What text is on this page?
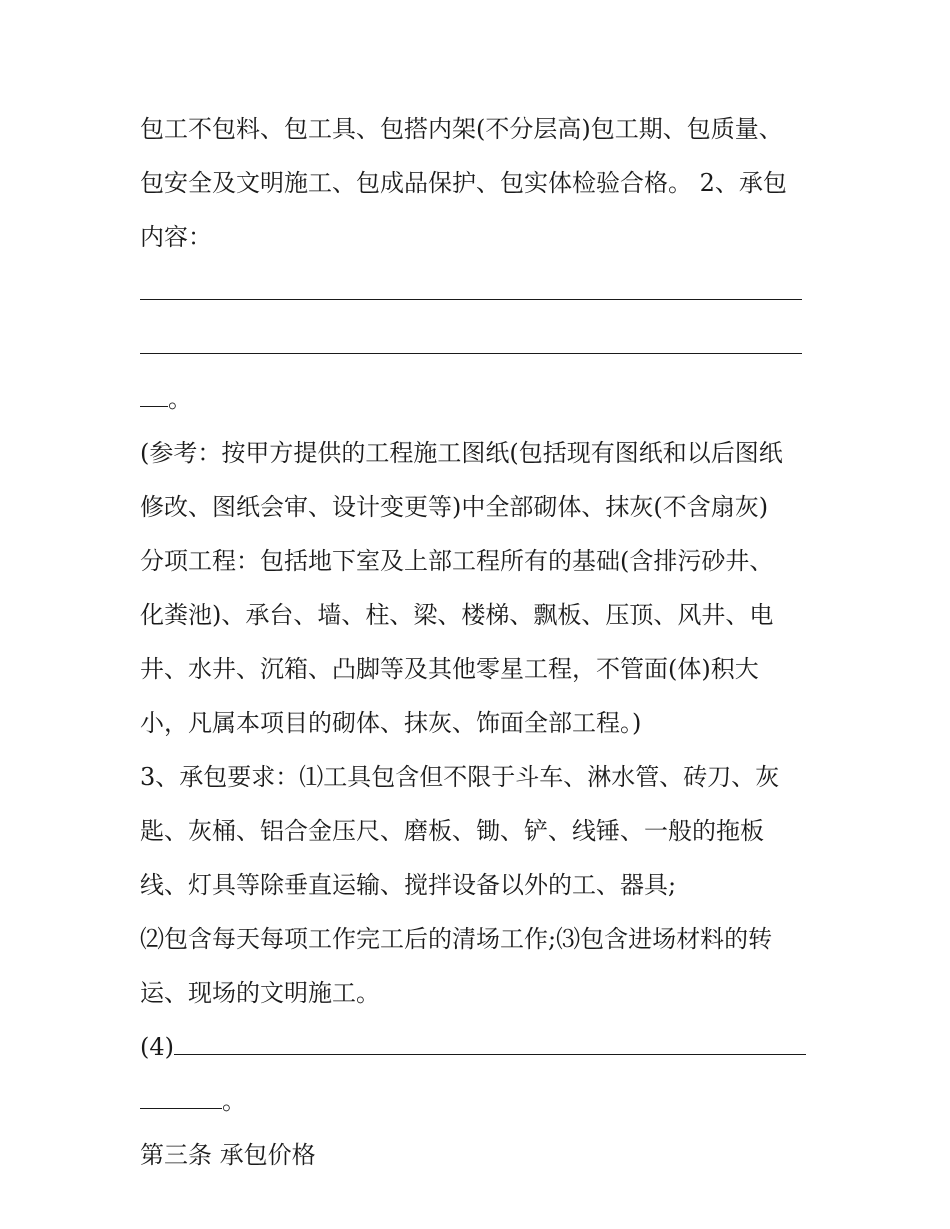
包工不包料、包工具、包搭内架(不分层高)包工期、包质量、
包安全及文明施工、包成品保护、包实体检验合格。 2、承包
内容：
。
(参考：按甲方提供的工程施工图纸(包括现有图纸和以后图纸
修改、图纸会审、设计变更等)中全部砌体、抹灰(不含扇灰)
分项工程：包括地下室及上部工程所有的基础(含排污砂井、
化粪池)、承台、墙、柱、梁、楼梯、飘板、压顶、风井、电
井、水井、沉箱、凸脚等及其他零星工程，不管面(体)积大
小，凡属本项目的砌体、抹灰、饰面全部工程。)
3、承包要求：⑴工具包含但不限于斗车、淋水管、砖刀、灰
匙、灰桶、铝合金压尺、磨板、锄、铲、线锤、一般的拖板
线、灯具等除垂直运输、搅拌设备以外的工、器具;
⑵包含每天每项工作完工后的清场工作;⑶包含进场材料的转
运、现场的文明施工。
(4)
。
第三条 承包价格
